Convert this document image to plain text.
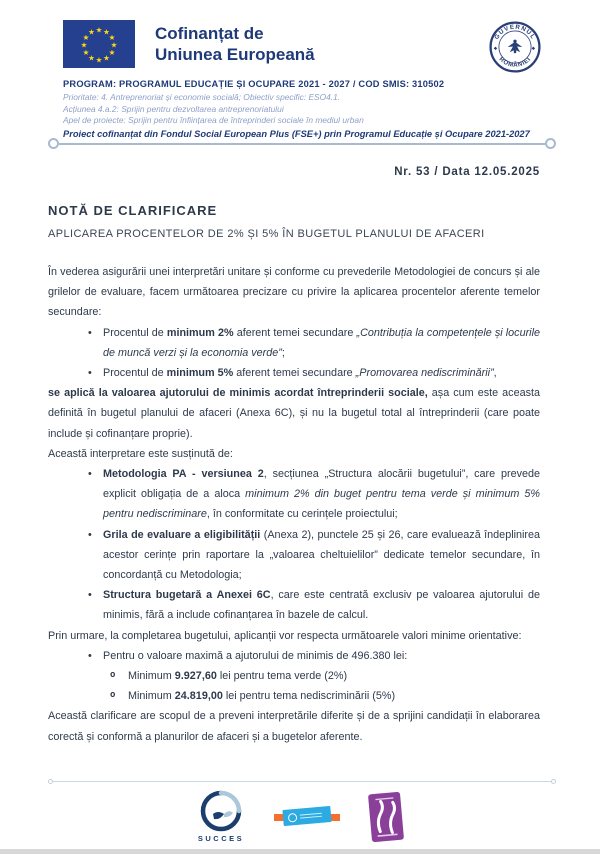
★ ★
★
★
★
★
★
★
★
★
★
★	Cofinanțat de
Uniunea Europeană
GUVERNUL
ROMÂNIEI
◆	◆
PROGRAM: PROGRAMUL EDUCAȚIE ȘI OCUPARE 2021 - 2027 / COD SMIS: 310502
Prioritate: 4. Antreprenoriat și economie socială; Obiectiv specific: ESO4.1.
Acțiunea 4.a.2: Sprijin pentru dezvoltarea antreprenoriatului
Apel de proiecte: Sprijin pentru înființarea de întreprinderi sociale în mediul urban
Proiect cofinanțat din Fondul Social European Plus (FSE+) prin Programul Educație și Ocupare 2021-2027
Nr. 53 / Data 12.05.2025
NOTĂ DE CLARIFICARE
APLICAREA PROCENTELOR DE 2% ȘI 5% ÎN BUGETUL PLANULUI DE AFACERI
În vederea asigurării unei interpretări unitare și conforme cu prevederile Metodologiei de concurs și ale grilelor de evaluare, facem următoarea precizare cu privire la aplicarea procentelor aferente temelor secundare:
• Procentul de minimum 2% aferent temei secundare „Contribuția la competențele și locurile de muncă verzi și la economia verde”;
• Procentul de minimum 5% aferent temei secundare „Promovarea nediscriminării”,
se aplică la valoarea ajutorului de minimis acordat întreprinderii sociale, așa cum este aceasta definită în bugetul planului de afaceri (Anexa 6C), și nu la bugetul total al întreprinderii (care poate include și cofinanțare proprie).
Această interpretare este susținută de:
• Metodologia PA - versiunea 2, secțiunea „Structura alocării bugetului”, care prevede explicit obligația de a aloca minimum 2% din buget pentru tema verde și minimum 5% pentru nediscriminare, în conformitate cu cerințele proiectului;
• Grila de evaluare a eligibilității (Anexa 2), punctele 25 și 26, care evaluează îndeplinirea acestor cerințe prin raportare la „valoarea cheltuielilor” dedicate temelor secundare, în concordanță cu Metodologia;
• Structura bugetară a Anexei 6C, care este centrată exclusiv pe valoarea ajutorului de minimis, fără a include cofinanțarea în bazele de calcul.
Prin urmare, la completarea bugetului, aplicanții vor respecta următoarele valori minime orientative:
• Pentru o valoare maximă a ajutorului de minimis de 496.380 lei:
o Minimum 9.927,60 lei pentru tema verde (2%)
o Minimum 24.819,00 lei pentru tema nediscriminării (5%)
Această clarificare are scopul de a preveni interpretările diferite și de a sprijini candidații în elaborarea corectă și conformă a planurilor de afaceri și a bugetelor aferente.
SUCCES
